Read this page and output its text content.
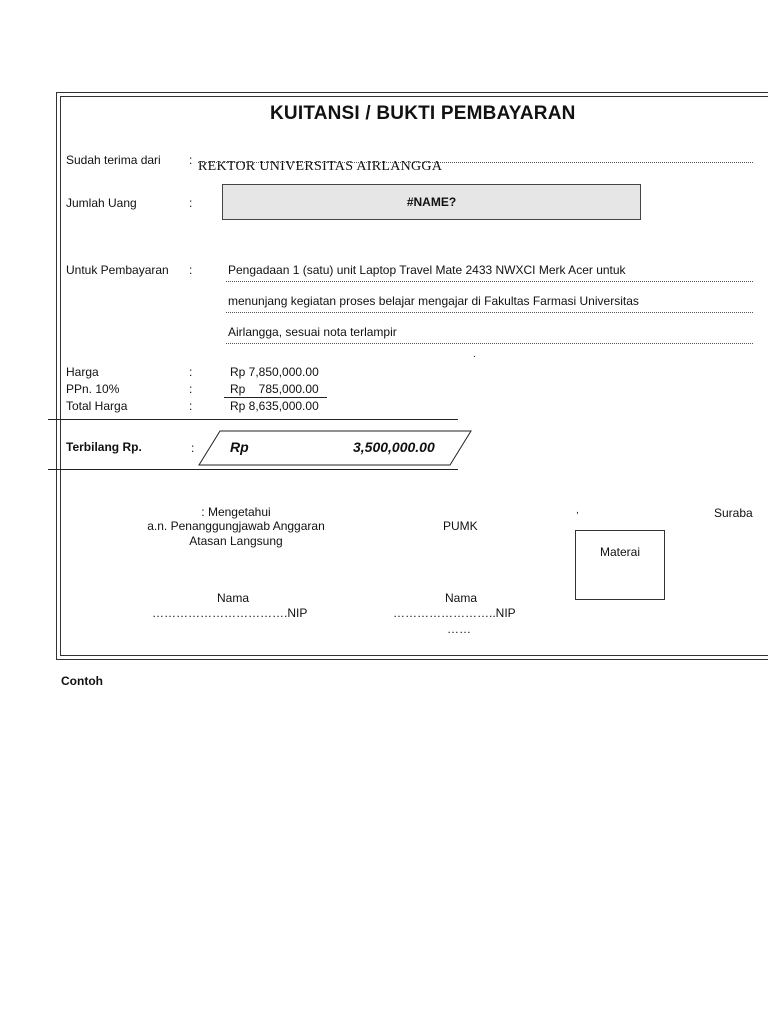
KUITANSI / BUKTI PEMBAYARAN
Sudah terima dari : REKTOR UNIVERSITAS AIRLANGGA
Jumlah Uang	:	#NAME?
Untuk Pembayaran :	Pengadaan 1 (satu) unit Laptop Travel Mate 2433 NWXCI Merk Acer untuk
menunjang kegiatan proses belajar mengajar di Fakultas Farmasi Universitas
Airlangga, sesuai nota terlampir
.
Harga	:	Rp 7,850,000.00
PPn. 10%	:	Rp    785,000.00
Total Harga	:	Rp 8,635,000.00
Terbilang Rp.	:	Rp	3,500,000.00
: Mengetahui
a.n. Penanggungjawab Anggaran
Atasan Langsung
PUMK
,	Suraba
Materai
Nama
…………………………….NIP
Nama
……………………..NIP
……
Contoh
